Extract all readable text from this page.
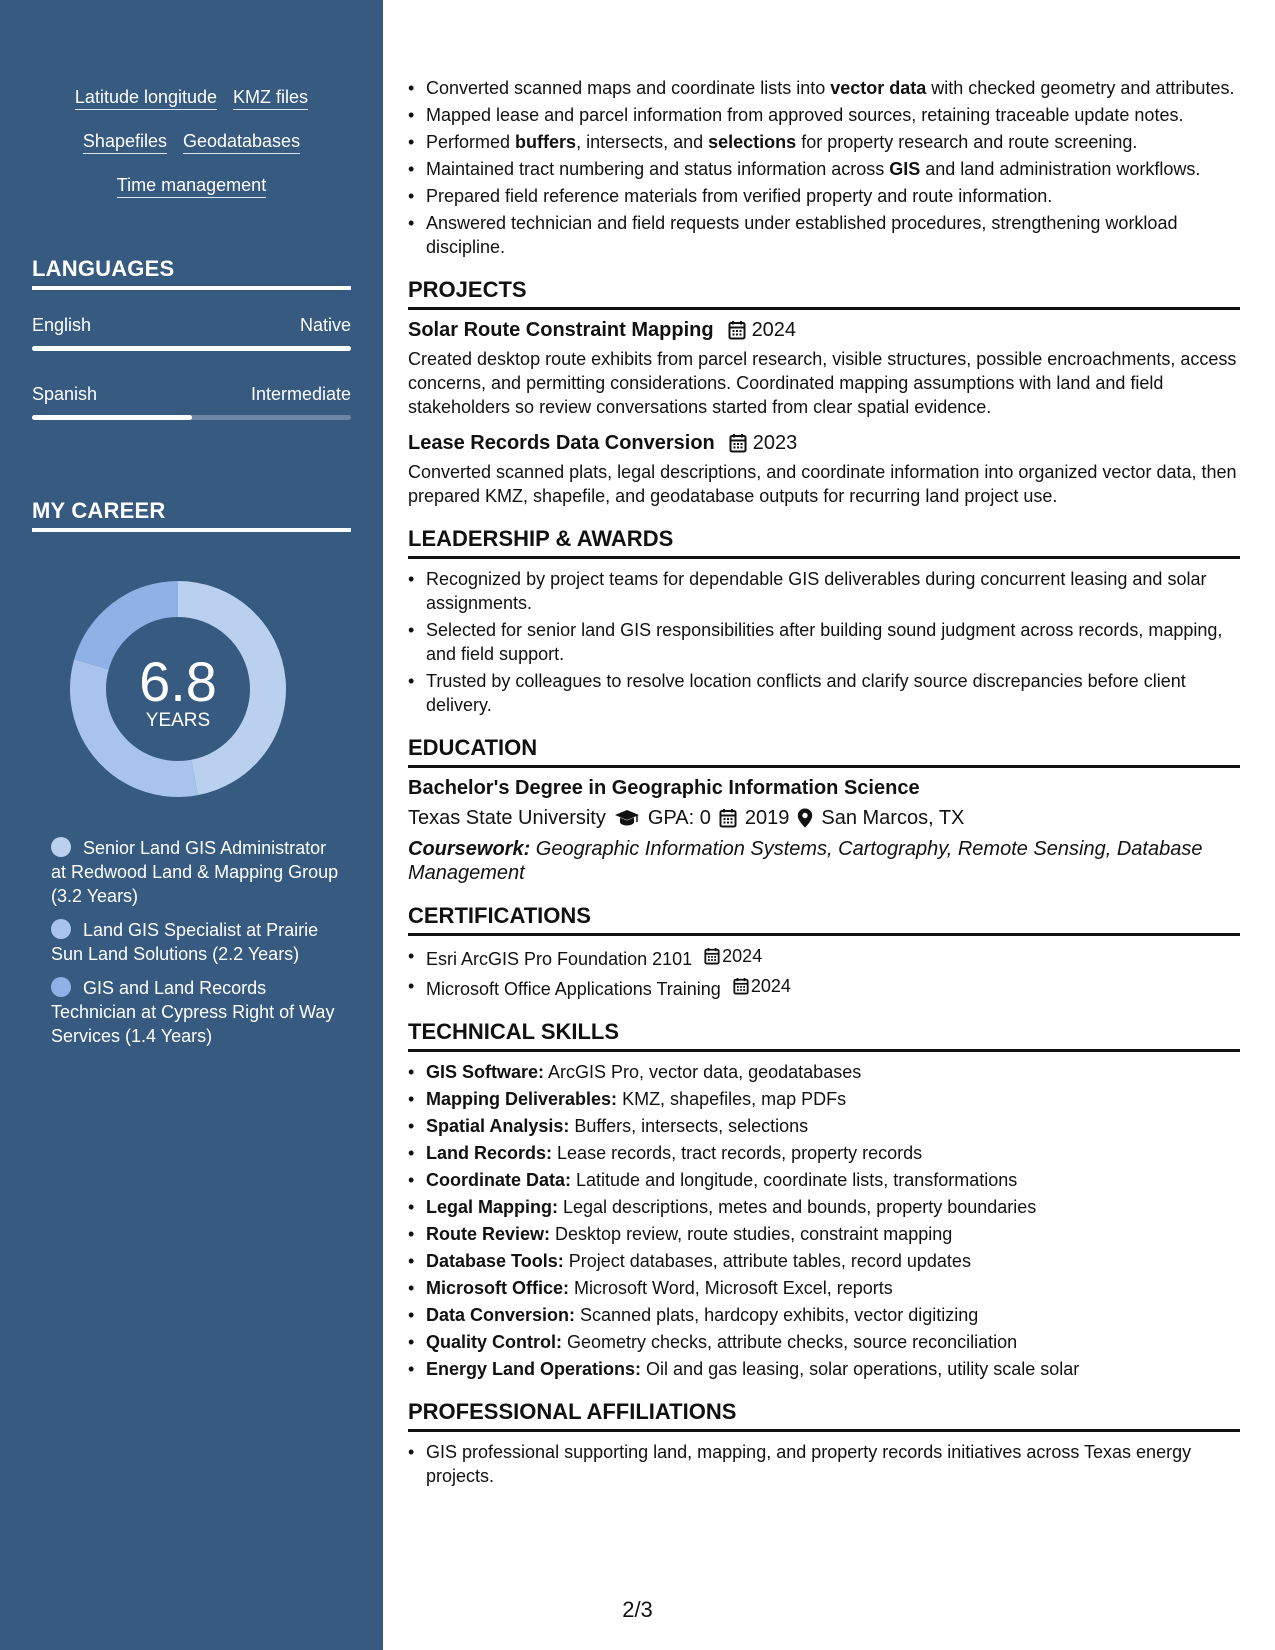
Latitude longitude KMZ files
Shapefiles Geodatabases
Time management
LANGUAGES
English	Native
Spanish	Intermediate
MY CAREER
6.8
YEARS
Senior Land GIS Administrator at Redwood Land & Mapping Group (3.2 Years)
Land GIS Specialist at Prairie Sun Land Solutions (2.2 Years)
GIS and Land Records Technician at Cypress Right of Way Services (1.4 Years)
• Converted scanned maps and coordinate lists into vector data with checked geometry and attributes.
• Mapped lease and parcel information from approved sources, retaining traceable update notes.
• Performed buffers, intersects, and selections for property research and route screening.
• Maintained tract numbering and status information across GIS and land administration workflows.
• Prepared field reference materials from verified property and route information.
• Answered technician and field requests under established procedures, strengthening workload discipline.
PROJECTS
Solar Route Constraint Mapping 2024
Created desktop route exhibits from parcel research, visible structures, possible encroachments, access concerns, and permitting considerations. Coordinated mapping assumptions with land and field stakeholders so review conversations started from clear spatial evidence.
Lease Records Data Conversion 2023
Converted scanned plats, legal descriptions, and coordinate information into organized vector data, then prepared KMZ, shapefile, and geodatabase outputs for recurring land project use.
LEADERSHIP & AWARDS
• Recognized by project teams for dependable GIS deliverables during concurrent leasing and solar assignments.
• Selected for senior land GIS responsibilities after building sound judgment across records, mapping, and field support.
• Trusted by colleagues to resolve location conflicts and clarify source discrepancies before client delivery.
EDUCATION
Bachelor's Degree in Geographic Information Science
Texas State University GPA: 0 2019 San Marcos, TX
Coursework: Geographic Information Systems, Cartography, Remote Sensing, Database Management
CERTIFICATIONS
• Esri ArcGIS Pro Foundation 2101 2024
• Microsoft Office Applications Training 2024
TECHNICAL SKILLS
• GIS Software: ArcGIS Pro, vector data, geodatabases
• Mapping Deliverables: KMZ, shapefiles, map PDFs
• Spatial Analysis: Buffers, intersects, selections
• Land Records: Lease records, tract records, property records
• Coordinate Data: Latitude and longitude, coordinate lists, transformations
• Legal Mapping: Legal descriptions, metes and bounds, property boundaries
• Route Review: Desktop review, route studies, constraint mapping
• Database Tools: Project databases, attribute tables, record updates
• Microsoft Office: Microsoft Word, Microsoft Excel, reports
• Data Conversion: Scanned plats, hardcopy exhibits, vector digitizing
• Quality Control: Geometry checks, attribute checks, source reconciliation
• Energy Land Operations: Oil and gas leasing, solar operations, utility scale solar
PROFESSIONAL AFFILIATIONS
• GIS professional supporting land, mapping, and property records initiatives across Texas energy projects.
2/3
